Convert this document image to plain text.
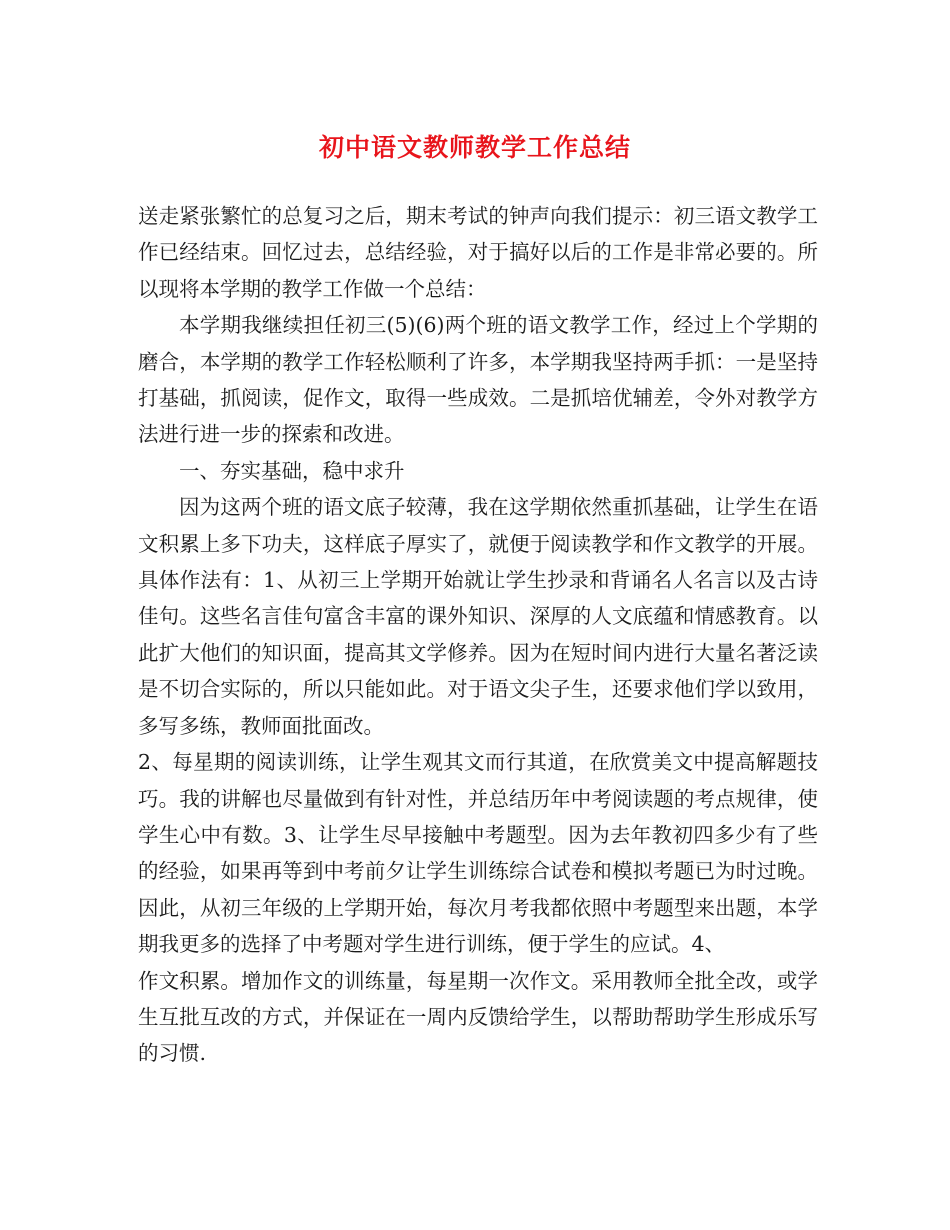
初中语文教师教学工作总结

送走紧张繁忙的总复习之后，期末考试的钟声向我们提示：初三语文教学工作已经结束。回忆过去，总结经验，对于搞好以后的工作是非常必要的。所以现将本学期的教学工作做一个总结：

本学期我继续担任初三(5)(6)两个班的语文教学工作，经过上个学期的磨合，本学期的教学工作轻松顺利了许多，本学期我坚持两手抓：一是坚持打基础，抓阅读，促作文，取得一些成效。二是抓培优辅差，令外对教学方法进行进一步的探索和改进。

一、夯实基础，稳中求升

因为这两个班的语文底子较薄，我在这学期依然重抓基础，让学生在语文积累上多下功夫，这样底子厚实了，就便于阅读教学和作文教学的开展。具体作法有：1、从初三上学期开始就让学生抄录和背诵名人名言以及古诗佳句。这些名言佳句富含丰富的课外知识、深厚的人文底蕴和情感教育。以此扩大他们的知识面，提高其文学修养。因为在短时间内进行大量名著泛读是不切合实际的，所以只能如此。对于语文尖子生，还要求他们学以致用，多写多练，教师面批面改。

2、每星期的阅读训练，让学生观其文而行其道，在欣赏美文中提高解题技巧。我的讲解也尽量做到有针对性，并总结历年中考阅读题的考点规律，使学生心中有数。3、让学生尽早接触中考题型。因为去年教初四多少有了些的经验，如果再等到中考前夕让学生训练综合试卷和模拟考题已为时过晚。因此，从初三年级的上学期开始，每次月考我都依照中考题型来出题，本学期我更多的选择了中考题对学生进行训练，便于学生的应试。4、

作文积累。增加作文的训练量，每星期一次作文。采用教师全批全改，或学生互批互改的方式，并保证在一周内反馈给学生，以帮助帮助学生形成乐写的习惯.
